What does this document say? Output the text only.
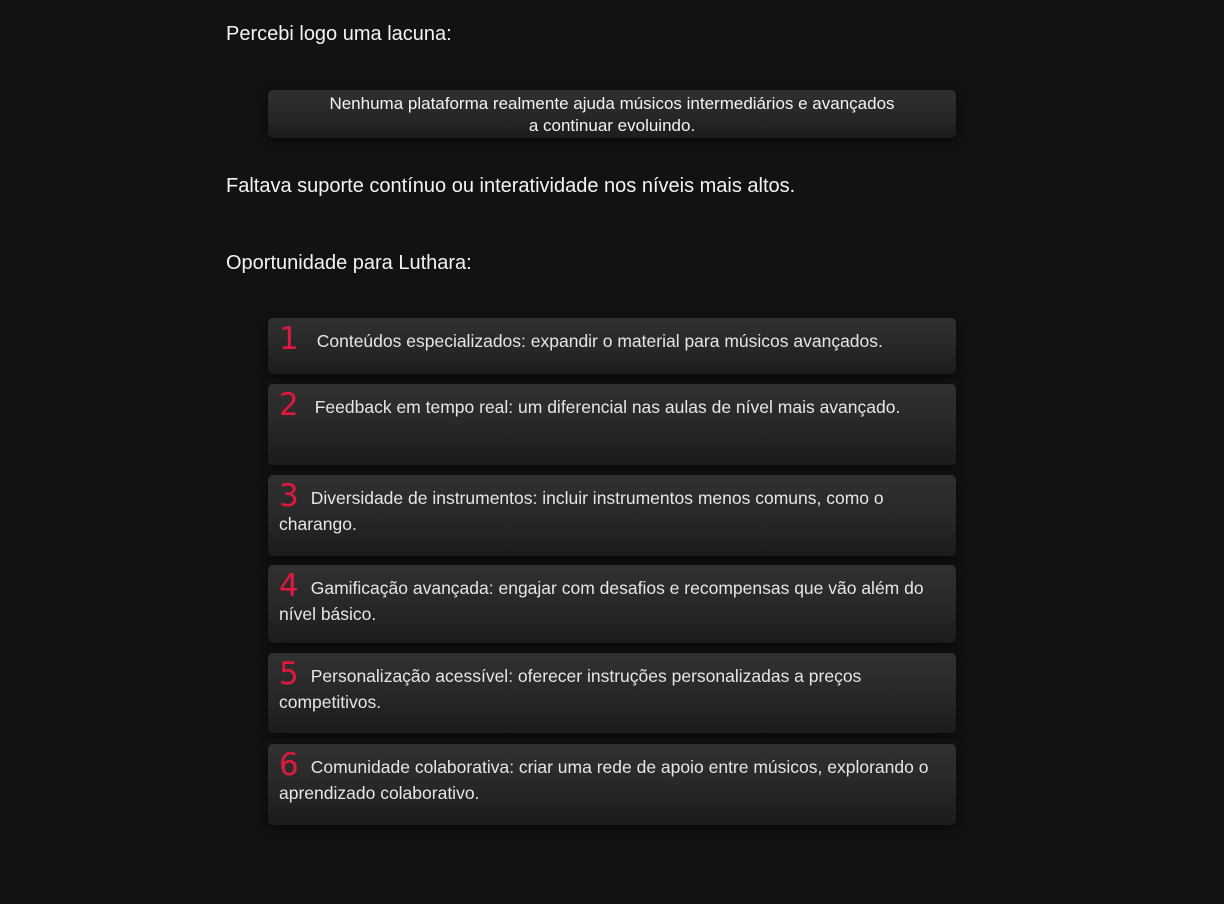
Percebi logo uma lacuna:
Nenhuma plataforma realmente ajuda músicos intermediários e avançados
a continuar evoluindo.
Faltava suporte contínuo ou interatividade nos níveis mais altos.
Oportunidade para Luthara:
1 Conteúdos especializados: expandir o material para músicos avançados.
2 Feedback em tempo real: um diferencial nas aulas de nível mais avançado.
3 Diversidade de instrumentos: incluir instrumentos menos comuns, como o charango.
4 Gamificação avançada: engajar com desafios e recompensas que vão além do nível básico.
5 Personalização acessível: oferecer instruções personalizadas a preços competitivos.
6 Comunidade colaborativa: criar uma rede de apoio entre músicos, explorando o aprendizado colaborativo.
